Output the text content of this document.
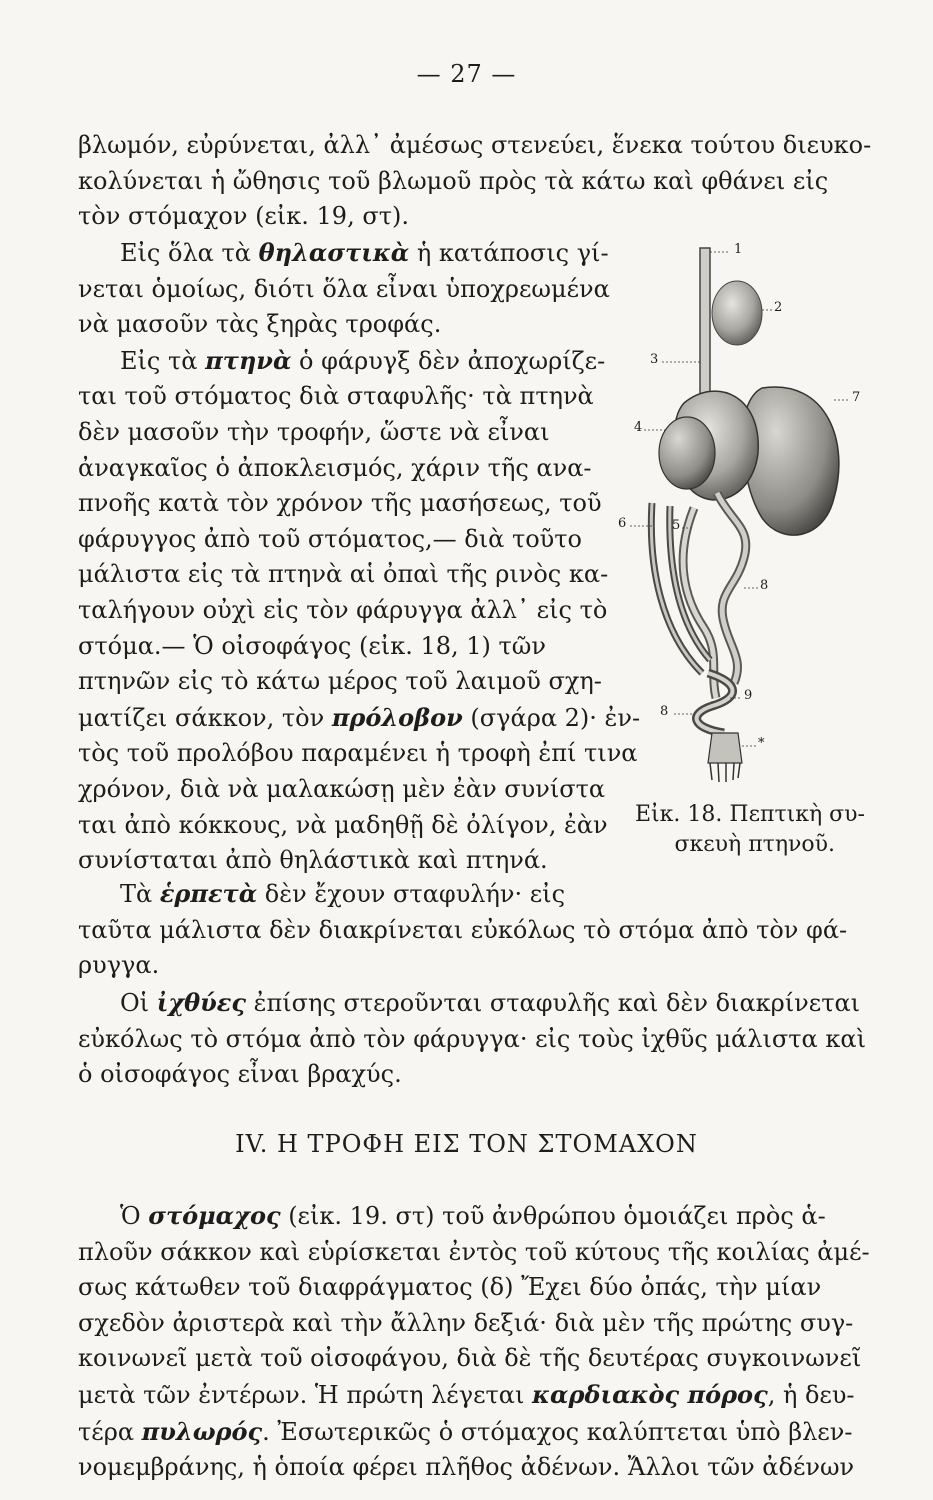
— 27 —
βλωμόν, εὐρύνεται, ἀλλ᾽ ἀμέσως στενεύει, ἕνεκα τούτου διευκο-
κολύνεται ἡ ὤθησις τοῦ βλωμοῦ πρὸς τὰ κάτω καὶ φθάνει εἰς
τὸν στόμαχον (εἰκ. 19, στ).
Εἰς ὅλα τὰ θηλαστικὰ ἡ κατάποσις γί-
νεται ὁμοίως, διότι ὅλα εἶναι ὑποχρεωμένα
νὰ μασοῦν τὰς ξηρὰς τροφάς.
Εἰς τὰ πτηνὰ ὁ φάρυγξ δὲν ἀποχωρίζε-
ται τοῦ στόματος διὰ σταφυλῆς· τὰ πτηνὰ
δὲν μασοῦν τὴν τροφήν, ὥστε νὰ εἶναι
ἀναγκαῖος ὁ ἀποκλεισμός, χάριν τῆς ανα-
πνοῆς κατὰ τὸν χρόνον τῆς μασήσεως, τοῦ
φάρυγγος ἀπὸ τοῦ στόματος,— διὰ τοῦτο
μάλιστα εἰς τὰ πτηνὰ αἱ ὀπαὶ τῆς ρινὸς κα-
ταλήγουν οὐχὶ εἰς τὸν φάρυγγα ἀλλ᾽ εἰς τὸ
στόμα.— Ὁ οἰσοφάγος (εἰκ. 18, 1) τῶν
πτηνῶν εἰς τὸ κάτω μέρος τοῦ λαιμοῦ σχη-
ματίζει σάκκον, τὸν πρόλοβον (σγάρα 2)· ἐν-
τὸς τοῦ προλόβου παραμένει ἡ τροφὴ ἐπί τινα
χρόνον, διὰ νὰ μαλακώσῃ μὲν ἐὰν συνίστα
ται ἀπὸ κόκκους, νὰ μαδηθῇ δὲ ὀλίγον, ἐὰν
συνίσταται ἀπὸ θηλάστικὰ καὶ πτηνά.
1
2
3
7
4
6	5
8
9
8
*
Εἰκ. 18. Πεπτικὴ συ-
σκευὴ πτηνοῦ.
Τὰ ἑρπετὰ δὲν ἔχουν σταφυλήν· εἰς
ταῦτα μάλιστα δὲν διακρίνεται εὐκόλως τὸ στόμα ἀπὸ τὸν φά-
ρυγγα.
Οἱ ἰχθύες ἐπίσης στεροῦνται σταφυλῆς καὶ δὲν διακρίνεται
εὐκόλως τὸ στόμα ἀπὸ τὸν φάρυγγα· εἰς τοὺς ἰχθῦς μάλιστα καὶ
ὁ οἰσοφάγος εἶναι βραχύς.
IV. Η ΤΡΟΦΗ ΕΙΣ ΤΟΝ ΣΤΟΜΑΧΟΝ
Ὁ στόμαχος (εἰκ. 19. στ) τοῦ ἀνθρώπου ὁμοιάζει πρὸς ἁ-
πλοῦν σάκκον καὶ εὑρίσκεται ἐντὸς τοῦ κύτους τῆς κοιλίας ἀμέ-
σως κάτωθεν τοῦ διαφράγματος (δ) Ἔχει δύο ὀπάς, τὴν μίαν
σχεδὸν ἀριστερὰ καὶ τὴν ἄλλην δεξιά· διὰ μὲν τῆς πρώτης συγ-
κοινωνεῖ μετὰ τοῦ οἰσοφάγου, διὰ δὲ τῆς δευτέρας συγκοινωνεῖ
μετὰ τῶν ἐντέρων. Ἡ πρώτη λέγεται καρδιακὸς πόρος, ἡ δευ-
τέρα πυλωρός. Ἐσωτερικῶς ὁ στόμαχος καλύπτεται ὑπὸ βλεν-
νομεμβράνης, ἡ ὁποία φέρει πλῆθος ἀδένων. Ἄλλοι τῶν ἀδένων
